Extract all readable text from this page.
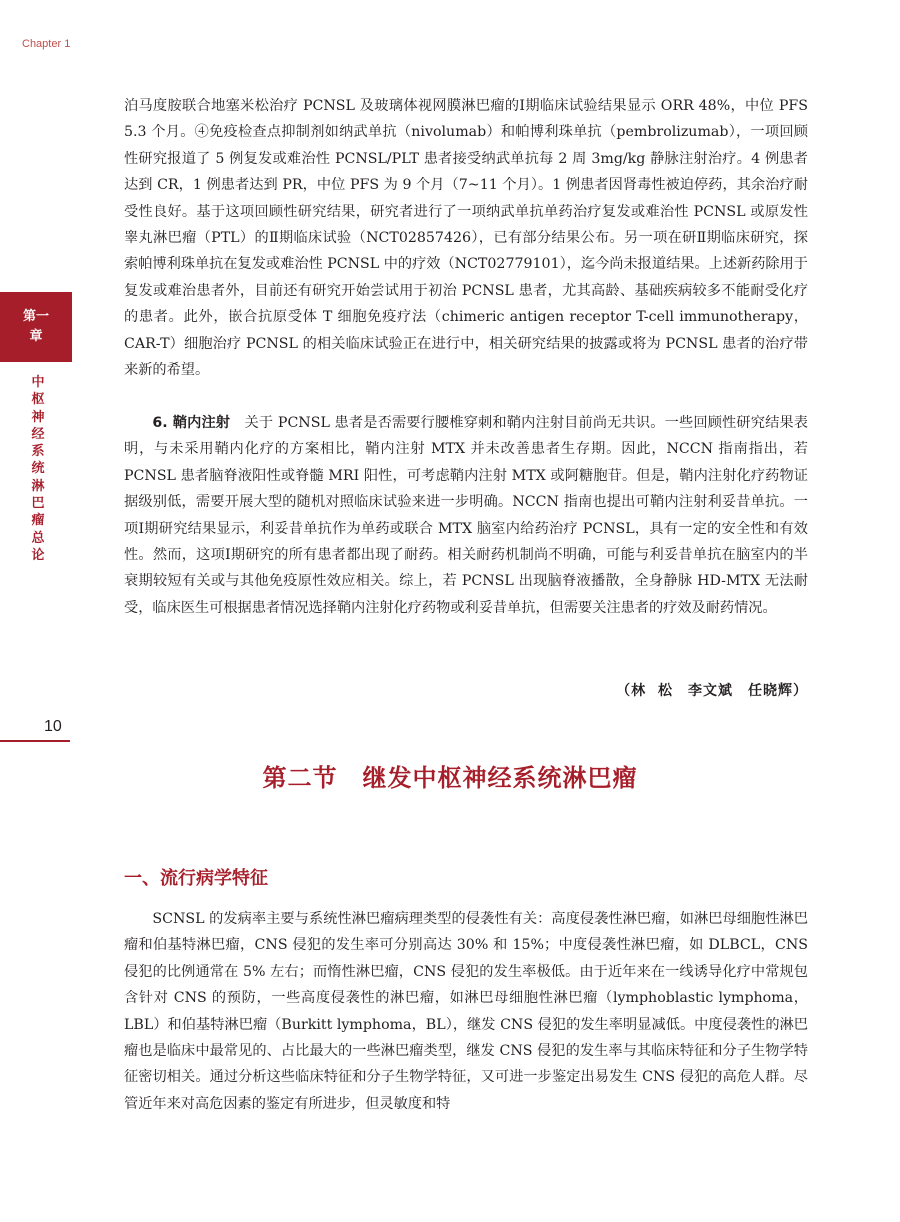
Chapter 1
第一
章
中枢神经系统淋巴瘤总论
10

泊马度胺联合地塞米松治疗 PCNSL 及玻璃体视网膜淋巴瘤的Ⅰ期临床试验结果显示 ORR 48%，中位 PFS 5.3 个月。④免疫检查点抑制剂如纳武单抗（nivolumab）和帕博利珠单抗（pembrolizumab），一项回顾性研究报道了 5 例复发或难治性 PCNSL/PLT 患者接受纳武单抗每 2 周 3mg/kg 静脉注射治疗。4 例患者达到 CR，1 例患者达到 PR，中位 PFS 为 9 个月（7~11 个月）。1 例患者因肾毒性被迫停药，其余治疗耐受性良好。基于这项回顾性研究结果，研究者进行了一项纳武单抗单药治疗复发或难治性 PCNSL 或原发性睾丸淋巴瘤（PTL）的Ⅱ期临床试验（NCT02857426），已有部分结果公布。另一项在研Ⅱ期临床研究，探索帕博利珠单抗在复发或难治性 PCNSL 中的疗效（NCT02779101），迄今尚未报道结果。上述新药除用于复发或难治患者外，目前还有研究开始尝试用于初治 PCNSL 患者，尤其高龄、基础疾病较多不能耐受化疗的患者。此外，嵌合抗原受体 T 细胞免疫疗法（chimeric antigen receptor T-cell immunotherapy，CAR-T）细胞治疗 PCNSL 的相关临床试验正在进行中，相关研究结果的披露或将为 PCNSL 患者的治疗带来新的希望。

6. 鞘内注射　 关于 PCNSL 患者是否需要行腰椎穿刺和鞘内注射目前尚无共识。一些回顾性研究结果表明，与未采用鞘内化疗的方案相比，鞘内注射 MTX 并未改善患者生存期。因此，NCCN 指南指出，若 PCNSL 患者脑脊液阳性或脊髓 MRI 阳性，可考虑鞘内注射 MTX 或阿糖胞苷。但是，鞘内注射化疗药物证据级别低，需要开展大型的随机对照临床试验来进一步明确。NCCN 指南也提出可鞘内注射利妥昔单抗。一项Ⅰ期研究结果显示，利妥昔单抗作为单药或联合 MTX 脑室内给药治疗 PCNSL，具有一定的安全性和有效性。然而，这项Ⅰ期研究的所有患者都出现了耐药。相关耐药机制尚不明确，可能与利妥昔单抗在脑室内的半衰期较短有关或与其他免疫原性效应相关。综上，若 PCNSL 出现脑脊液播散，全身静脉 HD-MTX 无法耐受，临床医生可根据患者情况选择鞘内注射化疗药物或利妥昔单抗，但需要关注患者的疗效及耐药情况。

（林 松　李文斌　任晓辉）
第二节　继发中枢神经系统淋巴瘤
一、流行病学特征

SCNSL 的发病率主要与系统性淋巴瘤病理类型的侵袭性有关：高度侵袭性淋巴瘤，如淋巴母细胞性淋巴瘤和伯基特淋巴瘤，CNS 侵犯的发生率可分别高达 30% 和 15%；中度侵袭性淋巴瘤，如 DLBCL，CNS 侵犯的比例通常在 5% 左右；而惰性淋巴瘤，CNS 侵犯的发生率极低。由于近年来在一线诱导化疗中常规包含针对 CNS 的预防，一些高度侵袭性的淋巴瘤，如淋巴母细胞性淋巴瘤（lymphoblastic lymphoma，LBL）和伯基特淋巴瘤（Burkitt lymphoma，BL），继发 CNS 侵犯的发生率明显减低。中度侵袭性的淋巴瘤也是临床中最常见的、占比最大的一些淋巴瘤类型，继发 CNS 侵犯的发生率与其临床特征和分子生物学特征密切相关。通过分析这些临床特征和分子生物学特征，又可进一步鉴定出易发生 CNS 侵犯的高危人群。尽管近年来对高危因素的鉴定有所进步，但灵敏度和特
